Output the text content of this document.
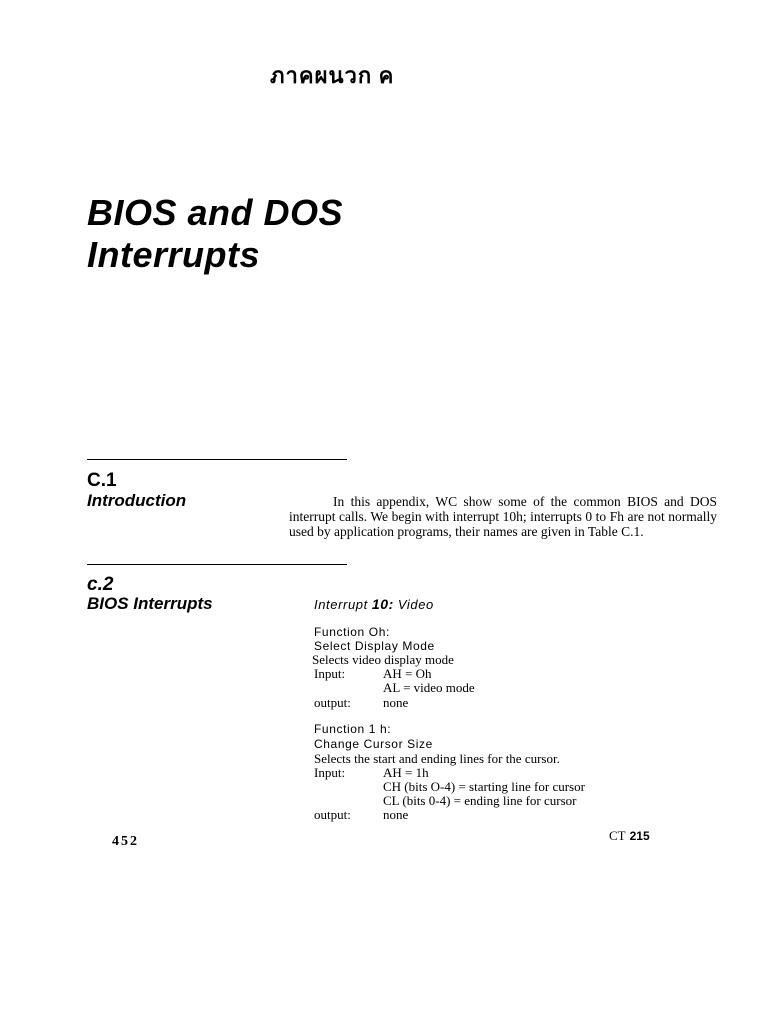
ภาคผนวก ค
BIOS and DOS
Interrupts
C.1
Introduction	In this appendix, WC show some of the common BIOS and DOS interrupt calls. We begin with interrupt 10h; interrupts 0 to Fh are not normally used by application programs, their names are given in Table C.1.
c.2
BIOS Interrupts	Interrupt 10: Video
Function Oh:
Select Display Mode
Selects video display mode
Input:	AH = Oh
AL = video mode
output: none
Function 1 h:
Change Cursor Size
Selects the start and ending lines for the cursor.
Input:	AH = 1h
CH (bits O-4) = starting line for cursor
CL (bits 0-4) = ending line for cursor
output: none
452	CT 215
